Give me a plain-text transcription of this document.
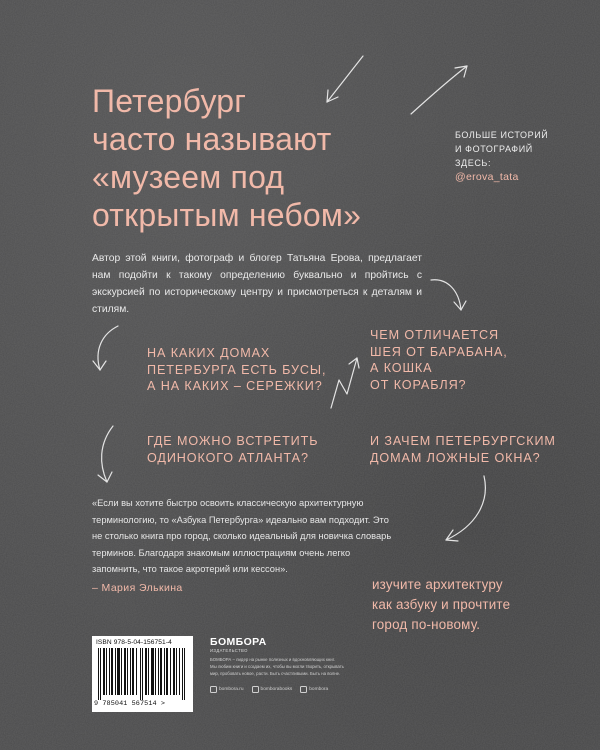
Петербург
часто называют
«музеем под
открытым небом»
БОЛЬШЕ ИСТОРИЙ
И ФОТОГРАФИЙ
ЗДЕСЬ:
@erova_tata

Автор этой книги, фотограф и блогер Татьяна Ерова, предлагает нам подойти к такому определению буквально и пройтись с экскурсией по историческому центру и присмотреться к деталям и стилям.

ЧЕМ ОТЛИЧАЕТСЯ
ШЕЯ ОТ БАРАБАНА,
А КОШКА
ОТ КОРАБЛЯ?
НА КАКИХ ДОМАХ
ПЕТЕРБУРГА ЕСТЬ БУСЫ,
А НА КАКИХ – СЕРЕЖКИ?
ГДЕ МОЖНО ВСТРЕТИТЬ
ОДИНОКОГО АТЛАНТА?
И ЗАЧЕМ ПЕТЕРБУРГСКИМ
ДОМАМ ЛОЖНЫЕ ОКНА?

«Если вы хотите быстро освоить классическую архитектурную терминологию, то «Азбука Петербурга» идеально вам подходит. Это не столько книга про город, сколько идеальный для новичка словарь терминов. Благодаря знакомым иллюстрациям очень легко запомнить, что такое акротерий или кессон».

– Мария Элькина	изучите архитектуру
как азбуку и прочтите
город по-новому.
ISBN 978-5-04-156751-4
9 785041 567514 >
БОМБОРА
ИЗДАТЕЛЬСТВО
БОМБОРА – лидер на рынке полезных и вдохновляющих книг.
Мы любим книги и создаем их, чтобы вы могли творить, открывать
мир, пробовать новое, расти. Быть счастливыми. Быть на волне.
bombora.ru	bomborabooks	bombora
